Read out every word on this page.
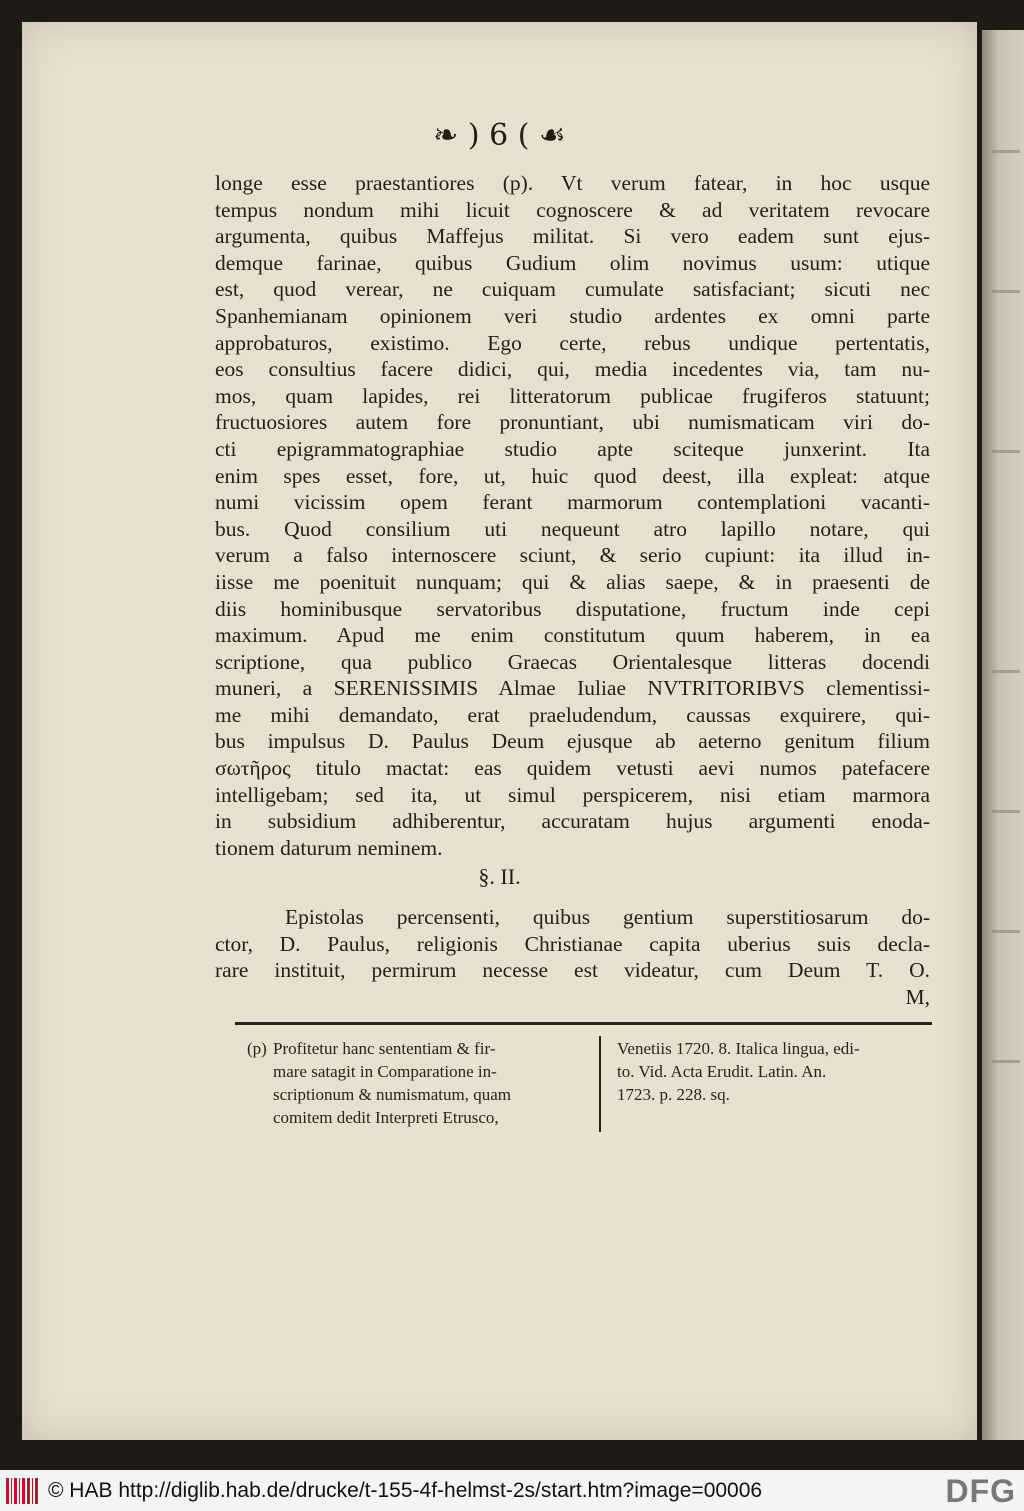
❧ ) 6 ( ☙
longe esse praestantiores (p). Vt verum fatear, in hoc usque
tempus nondum mihi licuit cognoscere & ad veritatem revocare
argumenta, quibus Maffejus militat. Si vero eadem sunt ejus-
demque farinae, quibus Gudium olim novimus usum: utique
est, quod verear, ne cuiquam cumulate satisfaciant; sicuti nec
Spanhemianam opinionem veri studio ardentes ex omni parte
approbaturos, existimo. Ego certe, rebus undique pertentatis,
eos consultius facere didici, qui, media incedentes via, tam nu-
mos, quam lapides, rei litteratorum publicae frugiferos statuunt;
fructuosiores autem fore pronuntiant, ubi numismaticam viri do-
cti epigrammatographiae studio apte sciteque junxerint. Ita
enim spes esset, fore, ut, huic quod deest, illa expleat: atque
numi vicissim opem ferant marmorum contemplationi vacanti-
bus. Quod consilium uti nequeunt atro lapillo notare, qui
verum a falso internoscere sciunt, & serio cupiunt: ita illud in-
iisse me poenituit nunquam; qui & alias saepe, & in praesenti de
diis hominibusque servatoribus disputatione, fructum inde cepi
maximum. Apud me enim constitutum quum haberem, in ea
scriptione, qua publico Graecas Orientalesque litteras docendi
muneri, a SERENISSIMIS Almae Iuliae NVTRITORIBVS clementissi-
me mihi demandato, erat praeludendum, caussas exquirere, qui-
bus impulsus D. Paulus Deum ejusque ab aeterno genitum filium
σωτῆρος titulo mactat: eas quidem vetusti aevi numos patefacere
intelligebam; sed ita, ut simul perspicerem, nisi etiam marmora
in subsidium adhiberentur, accuratam hujus argumenti enoda-
tionem daturum neminem.
§. II.
Epistolas percensenti, quibus gentium superstitiosarum do-
ctor, D. Paulus, religionis Christianae capita uberius suis decla-
rare instituit, permirum necesse est videatur, cum Deum T. O.
M,
(p) Profitetur hanc sententiam & fir-
mare satagit in Comparatione in-
scriptionum & numismatum, quam
comitem dedit Interpreti Etrusco,
Venetiis 1720. 8. Italica lingua, edi-
to. Vid. Acta Erudit. Latin. An.
1723. p. 228. sq.
© HAB http://diglib.hab.de/drucke/t-155-4f-helmst-2s/start.htm?image=00006	DFG
